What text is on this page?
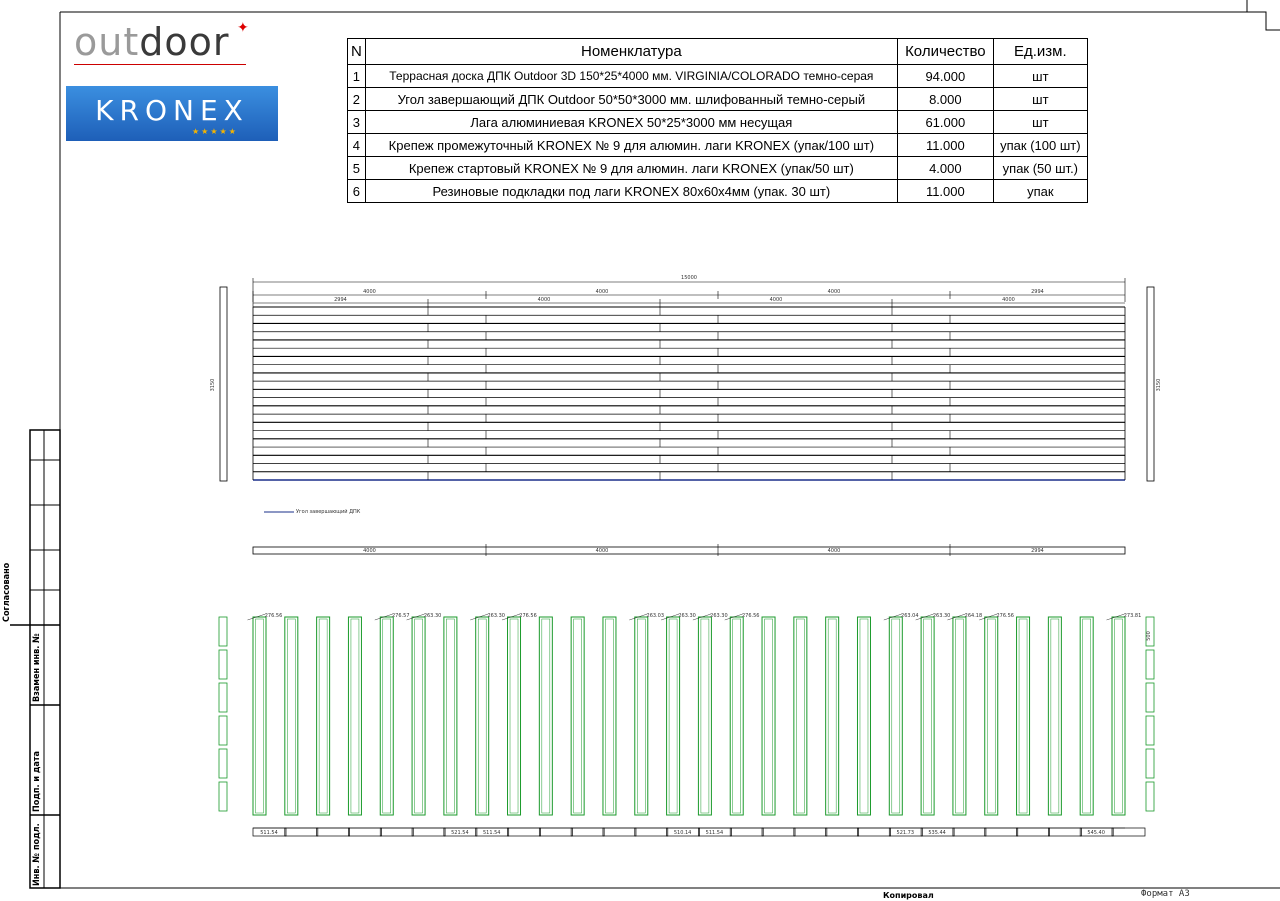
outdoor ✦
KRONEX
★★★★★
N	Номенклатура	Количество	Ед.изм.
1	Террасная доска ДПК Outdoor 3D 150*25*4000 мм. VIRGINIA/COLORADO темно-серая	94.000	шт
2	Угол завершающий ДПК Outdoor 50*50*3000 мм. шлифованный темно-серый	8.000	шт
3	Лага алюминиевая KRONEX 50*25*3000 мм несущая	61.000	шт
4	Крепеж промежуточный KRONEX № 9 для алюмин. лаги KRONEX (упак/100 шт)	11.000	упак (100 шт)
5	Крепеж стартовый KRONEX № 9 для алюмин. лаги KRONEX (упак/50 шт)	4.000	упак (50 шт.)
6	Резиновые подкладки под лаги KRONEX 80х60х4мм (упак. 30 шт)	11.000	упак
15000
4000	4000	4000	2994
2994	4000	4000	4000
3150	3150
4000	4000	4000	2994
500
276.56	276.57	263.30	263.30	276.56	263.03	263.30	263.30	276.56	263.04	263.30	264.18	276.56	273.81
511.54	521.54	511.54	510.14	511.54	521.73	535.44	545.40
Согласовано
Взамен инв. №
Подп. и дата
Инв. № подл.
Угол завершающий ДПК
Копировал	Формат А3
